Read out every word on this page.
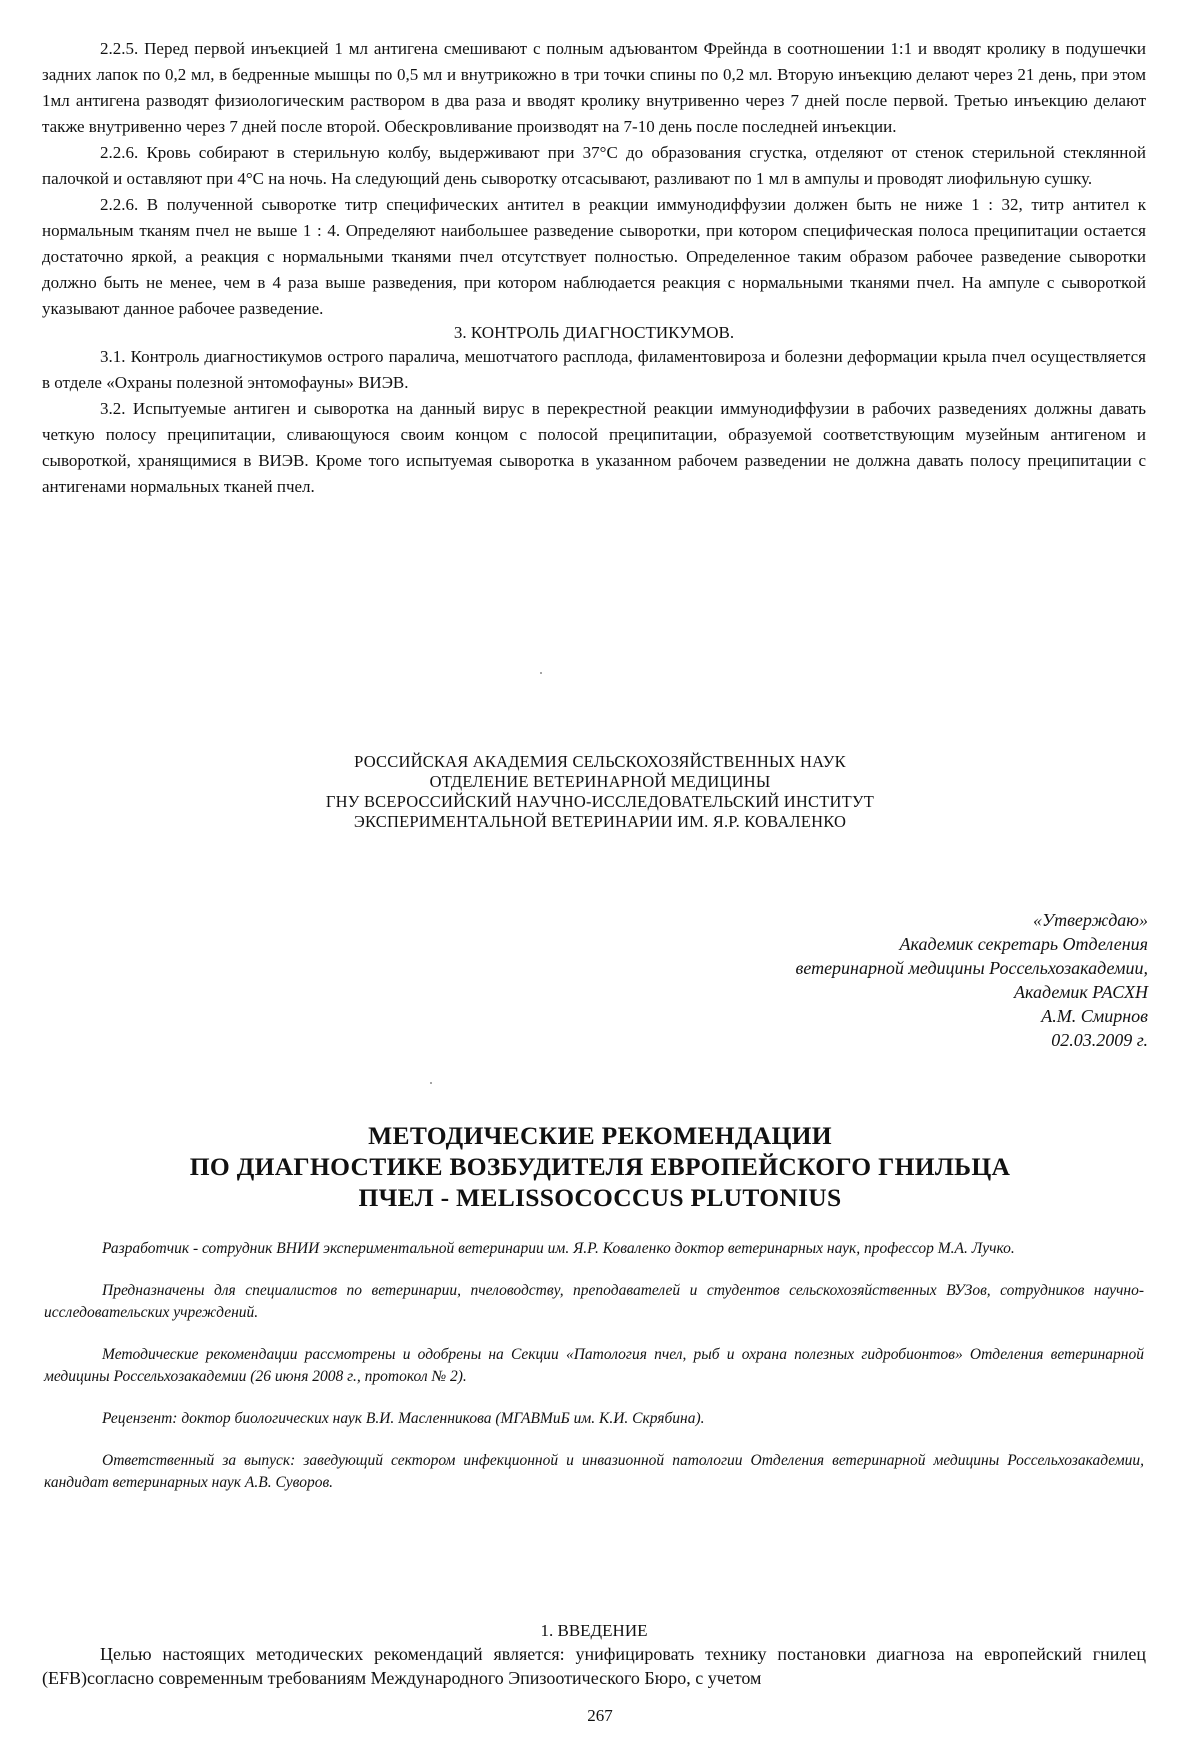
2.2.5. Перед первой инъекцией 1 мл антигена смешивают с полным адъювантом Фрейнда в соотношении 1:1 и вводят кролику в подушечки задних лапок по 0,2 мл, в бедренные мышцы по 0,5 мл и внутрикожно в три точки спины по 0,2 мл. Вторую инъекцию делают через 21 день, при этом 1мл антигена разводят физиологическим раствором в два раза и вводят кролику внутривенно через 7 дней после первой. Третью инъекцию делают также внутривенно через 7 дней после второй. Обескровливание производят на 7-10 день после последней инъекции.

2.2.6. Кровь собирают в стерильную колбу, выдерживают при 37°С до образования сгустка, отделяют от стенок стерильной стеклянной палочкой и оставляют при 4°С на ночь. На следующий день сыворотку отсасывают, разливают по 1 мл в ампулы и проводят лиофильную сушку.

2.2.6. В полученной сыворотке титр специфических антител в реакции иммунодиффузии должен быть не ниже 1 : 32, титр антител к нормальным тканям пчел не выше 1 : 4. Определяют наибольшее разведение сыворотки, при котором специфическая полоса преципитации остается достаточно яркой, а реакция с нормальными тканями пчел отсутствует полностью. Определенное таким образом рабочее разведение сыворотки должно быть не менее, чем в 4 раза выше разведения, при котором наблюдается реакция с нормальными тканями пчел. На ампуле с сывороткой указывают данное рабочее разведение.

3. КОНТРОЛЬ ДИАГНОСТИКУМОВ.

3.1. Контроль диагностикумов острого паралича, мешотчатого расплода, филаментовироза и болезни деформации крыла пчел осуществляется в отделе «Охраны полезной энтомофауны» ВИЭВ.

3.2. Испытуемые антиген и сыворотка на данный вирус в перекрестной реакции иммунодиффузии в рабочих разведениях должны давать четкую полосу преципитации, сливающуюся своим концом с полосой преципитации, образуемой соответствующим музейным антигеном и сывороткой, хранящимися в ВИЭВ. Кроме того испытуемая сыворотка в указанном рабочем разведении не должна давать полосу преципитации с антигенами нормальных тканей пчел.

РОССИЙСКАЯ АКАДЕМИЯ СЕЛЬСКОХОЗЯЙСТВЕННЫХ НАУК

ОТДЕЛЕНИЕ ВЕТЕРИНАРНОЙ МЕДИЦИНЫ

ГНУ ВСЕРОССИЙСКИЙ НАУЧНО-ИССЛЕДОВАТЕЛЬСКИЙ ИНСТИТУТ

ЭКСПЕРИМЕНТАЛЬНОЙ ВЕТЕРИНАРИИ ИМ. Я.Р. КОВАЛЕНКО

«Утверждаю»

Академик секретарь Отделения

ветеринарной медицины Россельхозакадемии,

Академик РАСХН

А.М. Смирнов

02.03.2009 г.

МЕТОДИЧЕСКИЕ РЕКОМЕНДАЦИИ

ПО ДИАГНОСТИКЕ ВОЗБУДИТЕЛЯ ЕВРОПЕЙСКОГО ГНИЛЬЦА

ПЧЕЛ - MELISSOCOCCUS PLUTONIUS

Разработчик - сотрудник ВНИИ экспериментальной ветеринарии им. Я.Р. Коваленко доктор ветеринарных наук, профессор М.А. Лучко.

Предназначены для специалистов по ветеринарии, пчеловодству, преподавателей и студентов сельскохозяйственных ВУЗов, сотрудников научно-исследовательских учреждений.

Методические рекомендации рассмотрены и одобрены на Секции «Патология пчел, рыб и охрана полезных гидробионтов» Отделения ветеринарной медицины Россельхозакадемии (26 июня 2008 г., протокол № 2).

Рецензент: доктор биологических наук В.И. Масленникова (МГАВМиБ им. К.И. Скрябина).

Ответственный за выпуск: заведующий сектором инфекционной и инвазионной патологии Отделения ветеринарной медицины Россельхозакадемии, кандидат ветеринарных наук А.В. Суворов.

1. ВВЕДЕНИЕ

Целью настоящих методических рекомендаций является: унифицировать технику постановки диагноза на европейский гнилец (EFB)согласно современным требованиям Международного Эпизоотического Бюро, с учетом

267
